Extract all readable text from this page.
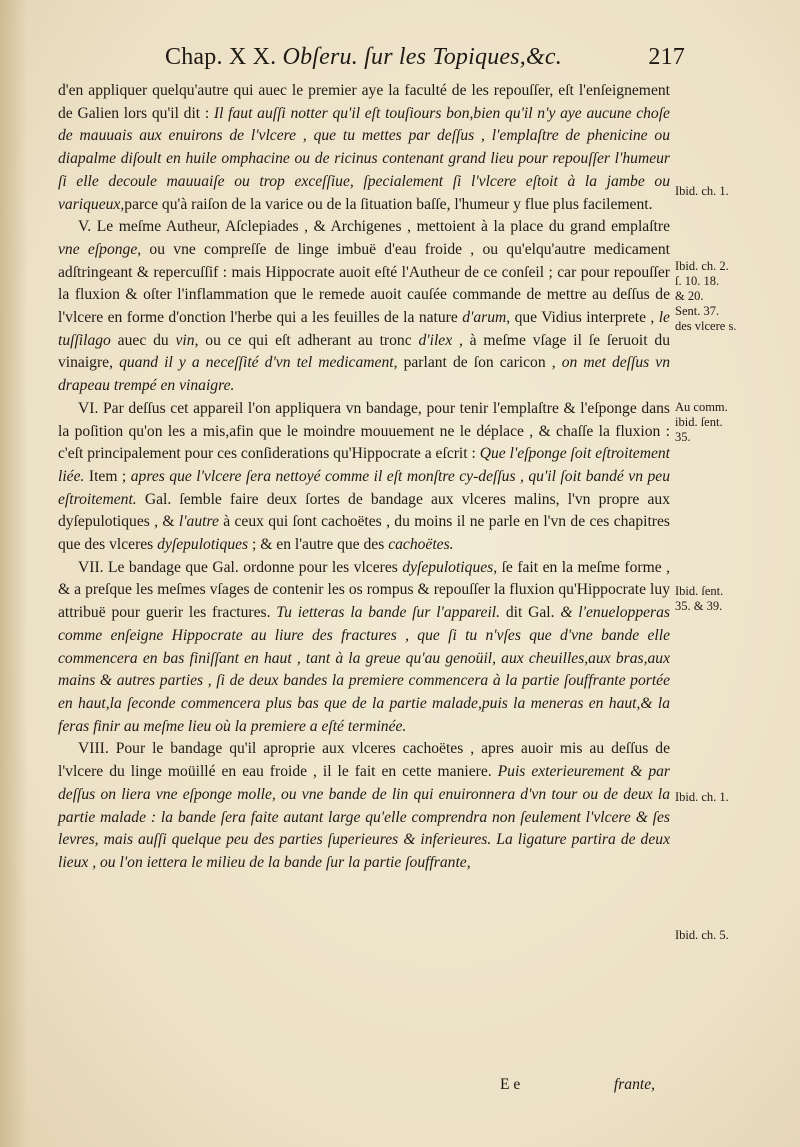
Chap. X X. Obſeru. ſur les Topiques,&c.	217

d'en appliquer quelqu'autre qui auec le premier aye la faculté de les repouſſer, eſt l'enſeignement de Galien lors qu'il dit : Il faut auſſi notter qu'il eſt touſiours bon,bien qu'il n'y aye aucune choſe de mauuais aux enuirons de l'vlcere , que tu mettes par deſſus , l'emplaſtre de phenicine ou diapalme diſoult en huile omphacine ou de ricinus contenant grand lieu pour repouſſer l'humeur ſi elle decoule mauuaiſe ou trop exceſſiue, ſpecialement ſi l'vlcere eſtoit à la jambe ou variqueux,parce qu'à raiſon de la varice ou de la ſituation baſſe, l'humeur y flue plus facilement.

V. Le meſme Autheur, Aſclepiades , & Archigenes , mettoient à la place du grand emplaſtre vne eſponge, ou vne compreſſe de linge imbuë d'eau froide , ou qu'elqu'autre medicament adſtringeant & repercuſſif : mais Hippocrate auoit eſté l'Autheur de ce conſeil ; car pour repouſſer la fluxion & oſter l'inflammation que le remede auoit cauſée commande de mettre au deſſus de l'vlcere en forme d'onction l'herbe qui a les feuilles de la nature d'arum, que Vidius interprete , le tuſſilago auec du vin, ou ce qui eſt adherant au tronc d'ilex , à meſme vſage il ſe ſeruoit du vinaigre, quand il y a neceſſité d'vn tel medicament, parlant de ſon caricon , on met deſſus vn drapeau trempé en vinaigre.

VI. Par deſſus cet appareil l'on appliquera vn bandage, pour tenir l'emplaſtre & l'eſponge dans la poſition qu'on les a mis,afin que le moindre mouuement ne le déplace , & chaſſe la fluxion : c'eſt principalement pour ces conſiderations qu'Hippocrate a eſcrit : Que l'eſponge ſoit eſtroitement liée. Item ; apres que l'vlcere ſera nettoyé comme il eſt monſtre cy-deſſus , qu'il ſoit bandé vn peu eſtroitement. Gal. ſemble faire deux ſortes de bandage aux vlceres malins, l'vn propre aux dyſepulotiques , & l'autre à ceux qui ſont cachoëtes , du moins il ne parle en l'vn de ces chapitres que des vlceres dyſepulotiques ; & en l'autre que des cachoëtes.

VII. Le bandage que Gal. ordonne pour les vlceres dyſepulotiques, ſe fait en la meſme forme , & a preſque les meſmes vſages de contenir les os rompus & repouſſer la fluxion qu'Hippocrate luy attribuë pour guerir les fractures. Tu ietteras la bande ſur l'appareil. dit Gal. & l'enuelopperas comme enſeigne Hippocrate au liure des fractures , que ſi tu n'vſes que d'vne bande elle commencera en bas finiſſant en haut , tant à la greue qu'au genoüil, aux cheuilles,aux bras,aux mains & autres parties , ſi de deux bandes la premiere commencera à la partie ſouffrante portée en haut,la ſeconde commencera plus bas que de la partie malade,puis la meneras en haut,& la feras finir au meſme lieu où la premiere a eſté terminée.

VIII. Pour le bandage qu'il aproprie aux vlceres cachoëtes , apres auoir mis au deſſus de l'vlcere du linge moüillé en eau froide , il le fait en cette maniere. Puis exterieurement & par deſſus on liera vne eſponge molle, ou vne bande de lin qui enuironnera d'vn tour ou de deux la partie malade : la bande ſera faite autant large qu'elle comprendra non ſeulement l'vlcere & ſes levres, mais auſſi quelque peu des parties ſuperieures & inferieures. La ligature partira de deux lieux , ou l'on iettera le milieu de la bande ſur la partie ſouffrante,

Ibid. ch. 1.
Ibid. ch. 2.
ſ. 10. 18.
& 20.
Sent. 37.
des vlcere s.
Au comm.
ibid. ſent.
35.
Ibid. ſent.
35. & 39.
Ibid. ch. 1.
Ibid. ch. 5.
E e	frante,
